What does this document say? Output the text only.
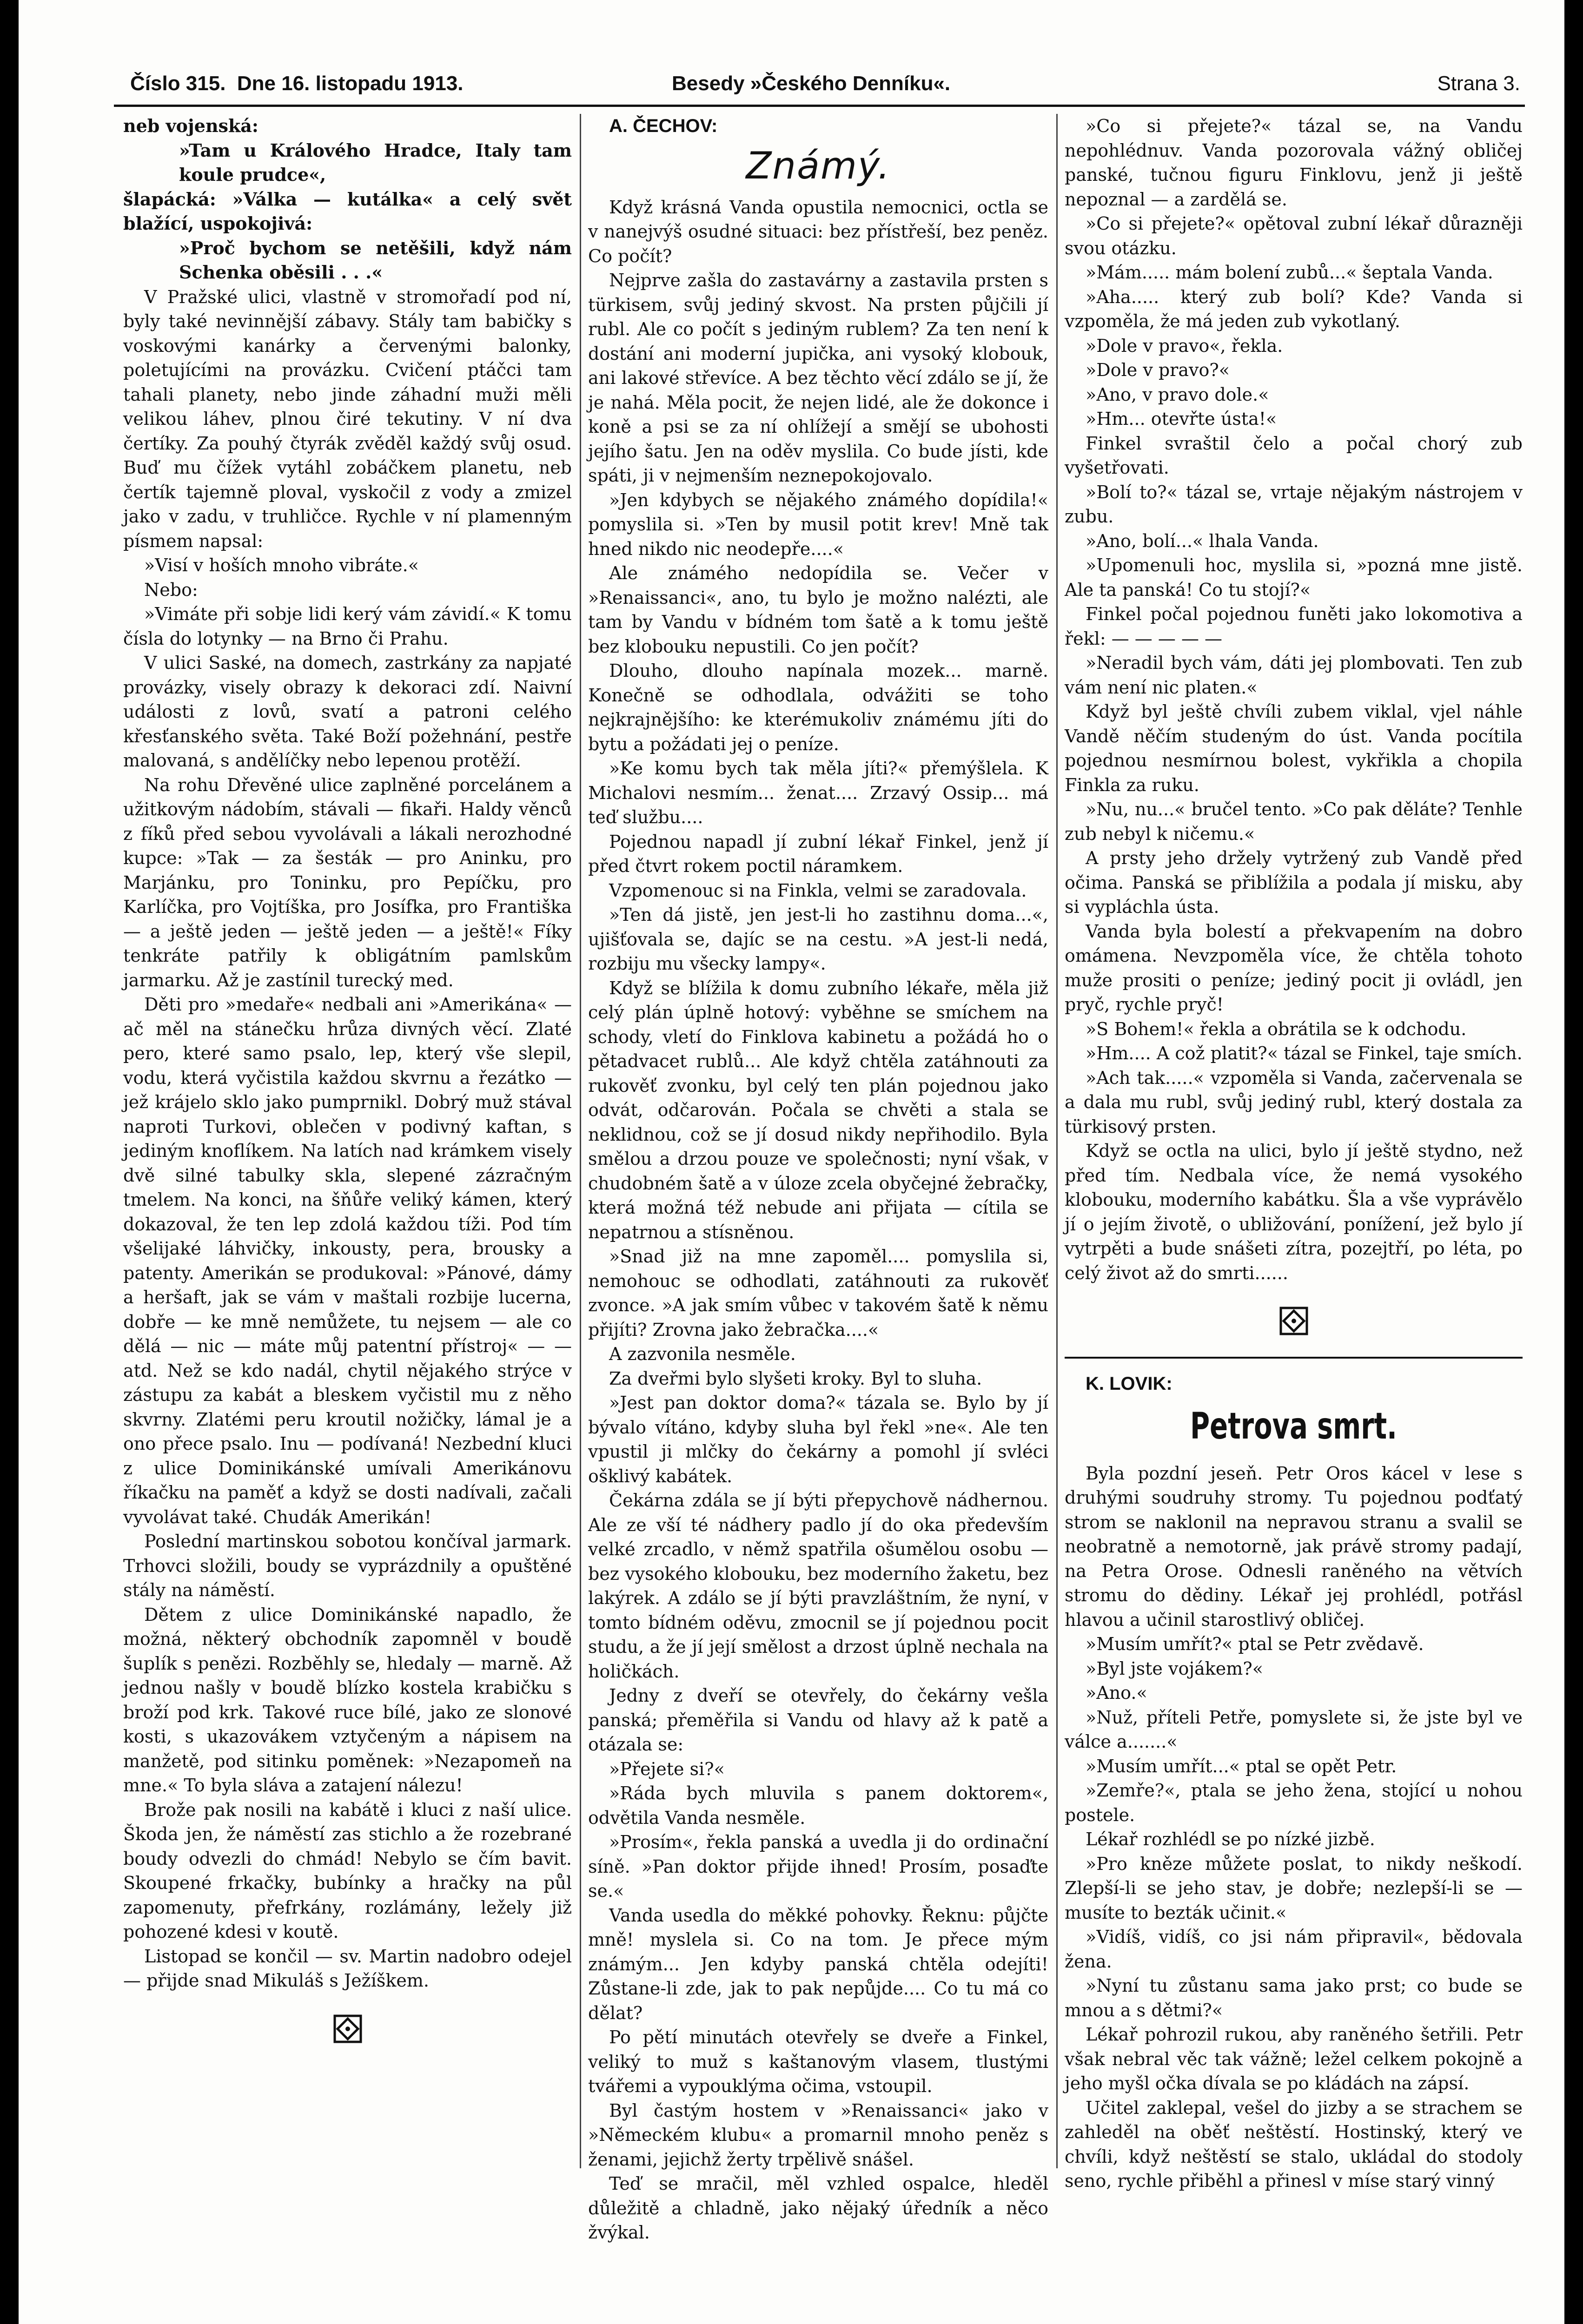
Číslo 315. Dne 16. listopadu 1913.	Besedy »Českého Denníku«.	Strana 3.

neb vojenská:

»Tam u Králového Hradce, Italy tam koule prudce«,

šlapácká: »Válka — kutálka« a celý svět blažící, uspokojivá:

»Proč bychom se netěšili, když nám Schenka oběsili . . .«

V Pražské ulici, vlastně v stromořadí pod ní, byly také nevinnější zábavy. Stály tam babičky s voskovými kanárky a červenými balonky, poletujícími na provázku. Cvičení ptáčci tam tahali planety, nebo jinde záhadní muži měli velikou láhev, plnou čiré tekutiny. V ní dva čertíky. Za pouhý čtyrák zvěděl každý svůj osud. Buď mu čížek vytáhl zobáčkem planetu, neb čertík tajemně ploval, vyskočil z vody a zmizel jako v zadu, v truhličce. Rychle v ní plamenným písmem napsal:

»Visí v hoších mnoho vibráte.«

Nebo:

»Vimáte při sobje lidi kerý vám závidí.« K tomu čísla do lotynky — na Brno či Prahu.

V ulici Saské, na domech, zastrkány za napjaté provázky, visely obrazy k dekoraci zdí. Naivní události z lovů, svatí a patroni celého křesťanského světa. Také Boží požehnání, pestře malovaná, s andělíčky nebo lepenou protěží.

Na rohu Dřevěné ulice zaplněné porcelánem a užitkovým nádobím, stávali — fikaři. Haldy věnců z fíků před sebou vyvolávali a lákali nerozhodné kupce: »Tak — za šesták — pro Aninku, pro Marjánku, pro Toninku, pro Pepíčku, pro Karlíčka, pro Vojtíška, pro Josífka, pro Františka — a ještě jeden — ještě jeden — a ještě!« Fíky tenkráte patřily k obligátním pamlskům jarmarku. Až je zastínil turecký med.

Děti pro »medaře« nedbali ani »Amerikána« — ač měl na stánečku hrůza divných věcí. Zlaté pero, které samo psalo, lep, který vše slepil, vodu, která vyčistila každou skvrnu a řezátko — jež krájelo sklo jako pumprnikl. Dobrý muž stával naproti Turkovi, oblečen v podivný kaftan, s jediným knoflíkem. Na latích nad krámkem visely dvě silné tabulky skla, slepené zázračným tmelem. Na konci, na šňůře veliký kámen, který dokazoval, že ten lep zdolá každou tíži. Pod tím všelijaké láhvičky, inkousty, pera, brousky a patenty. Amerikán se produkoval: »Pánové, dámy a heršaft, jak se vám v maštali rozbije lucerna, dobře — ke mně nemůžete, tu nejsem — ale co dělá — nic — máte můj patentní přístroj« — — atd. Než se kdo nadál, chytil nějakého strýce v zástupu za kabát a bleskem vyčistil mu z něho skvrny. Zlatémi peru kroutil nožičky, lámal je a ono přece psalo. Inu — podívaná! Nezbední kluci z ulice Dominikánské umívali Amerikánovu říkačku na paměť a když se dosti nadívali, začali vyvolávat také. Chudák Amerikán!

Poslední martinskou sobotou končíval jarmark. Trhovci složili, boudy se vyprázdnily a opuštěné stály na náměstí.

Dětem z ulice Dominikánské napadlo, že možná, některý obchodník zapomněl v boudě šuplík s penězi. Rozběhly se, hledaly — marně. Až jednou našly v boudě blízko kostela krabičku s broží pod krk. Takové ruce bílé, jako ze slonové kosti, s ukazovákem vztyčeným a nápisem na manžetě, pod sitinku poměnek: »Nezapomeň na mne.« To byla sláva a zatajení nálezu!

Brože pak nosili na kabátě i kluci z naší ulice. Škoda jen, že náměstí zas stichlo a že rozebrané boudy odvezli do chmád! Nebylo se čím bavit. Skoupené frkačky, bubínky a hračky na půl zapomenuty, přefrkány, rozlámány, ležely již pohozené kdesi v koutě.

Listopad se končil — sv. Martin nadobro odejel — přijde snad Mikuláš s Ježíškem.

A. ČECHOV:

Známý.

Když krásná Vanda opustila nemocnici, octla se v nanejvýš osudné situaci: bez přístřeší, bez peněz. Co počít?

Nejprve zašla do zastavárny a zastavila prsten s türkisem, svůj jediný skvost. Na prsten půjčili jí rubl. Ale co počít s jediným rublem? Za ten není k dostání ani moderní jupička, ani vysoký klobouk, ani lakové střevíce. A bez těchto věcí zdálo se jí, že je nahá. Měla pocit, že nejen lidé, ale že dokonce i koně a psi se za ní ohlížejí a smějí se ubohosti jejího šatu. Jen na oděv myslila. Co bude jísti, kde spáti, ji v nejmenším neznepokojovalo.

»Jen kdybych se nějakého známého dopídila!« pomyslila si. »Ten by musil potit krev! Mně tak hned nikdo nic neodepře....«

Ale známého nedopídila se. Večer v »Renaissanci«, ano, tu bylo je možno nalézti, ale tam by Vandu v bídném tom šatě a k tomu ještě bez klobouku nepustili. Co jen počít?

Dlouho, dlouho napínala mozek... marně. Konečně se odhodlala, odvážiti se toho nejkrajnějšího: ke kterémukoliv známému jíti do bytu a požádati jej o peníze.

»Ke komu bych tak měla jíti?« přemýšlela. K Michalovi nesmím... ženat.... Zrzavý Ossip... má teď službu....

Pojednou napadl jí zubní lékař Finkel, jenž jí před čtvrt rokem poctil náramkem.

Vzpomenouc si na Finkla, velmi se zaradovala.

»Ten dá jistě, jen jest-li ho zastihnu doma...«, ujišťovala se, dajíc se na cestu. »A jest-li nedá, rozbiju mu všecky lampy«.

Když se blížila k domu zubního lékaře, měla již celý plán úplně hotový: vyběhne se smíchem na schody, vletí do Finklova kabinetu a požádá ho o pětadvacet rublů... Ale když chtěla zatáhnouti za rukověť zvonku, byl celý ten plán pojednou jako odvát, odčarován. Počala se chvěti a stala se neklidnou, což se jí dosud nikdy nepřihodilo. Byla smělou a drzou pouze ve společnosti; nyní však, v chudobném šatě a v úloze zcela obyčejné žebračky, která možná též nebude ani přijata — cítila se nepatrnou a stísněnou.

»Snad již na mne zapoměl.... pomyslila si, nemohouc se odhodlati, zatáhnouti za rukověť zvonce. »A jak smím vůbec v takovém šatě k němu přijíti? Zrovna jako žebračka....«

A zazvonila nesměle.

Za dveřmi bylo slyšeti kroky. Byl to sluha.

»Jest pan doktor doma?« tázala se. Bylo by jí bývalo vítáno, kdyby sluha byl řekl »ne«. Ale ten vpustil ji mlčky do čekárny a pomohl jí svléci ošklivý kabátek.

Čekárna zdála se jí býti přepychově nádhernou. Ale ze vší té nádhery padlo jí do oka především velké zrcadlo, v němž spatřila ošumělou osobu — bez vysokého klobouku, bez moderního žaketu, bez lakýrek. A zdálo se jí býti pravzláštním, že nyní, v tomto bídném oděvu, zmocnil se jí pojednou pocit studu, a že jí její smělost a drzost úplně nechala na holičkách.

Jedny z dveří se otevřely, do čekárny vešla panská; přeměřila si Vandu od hlavy až k patě a otázala se:

»Přejete si?«

»Ráda bych mluvila s panem doktorem«, odvětila Vanda nesměle.

»Prosím«, řekla panská a uvedla ji do ordinační síně. »Pan doktor přijde ihned! Prosím, posaďte se.«

Vanda usedla do měkké pohovky. Řeknu: půjčte mně! myslela si. Co na tom. Je přece mým známým... Jen kdyby panská chtěla odejíti! Zůstane-li zde, jak to pak nepůjde.... Co tu má co dělat?

Po pětí minutách otevřely se dveře a Finkel, veliký to muž s kaštanovým vlasem, tlustými tvářemi a vypouklýma očima, vstoupil.

Byl častým hostem v »Renaissanci« jako v »Německém klubu« a promarnil mnoho peněz s ženami, jejichž žerty trpělivě snášel.

Teď se mračil, měl vzhled ospalce, hleděl důležitě a chladně, jako nějaký úředník a něco žvýkal.

»Co si přejete?« tázal se, na Vandu nepohlédnuv. Vanda pozorovala vážný obličej panské, tučnou figuru Finklovu, jenž ji ještě nepoznal — a zardělá se.

»Co si přejete?« opětoval zubní lékař důrazněji svou otázku.

»Mám..... mám bolení zubů...« šeptala Vanda.

»Aha..... který zub bolí? Kde? Vanda si vzpoměla, že má jeden zub vykotlaný.

»Dole v pravo«, řekla.

»Dole v pravo?«

»Ano, v pravo dole.«

»Hm... otevřte ústa!«

Finkel svraštil čelo a počal chorý zub vyšetřovati.

»Bolí to?« tázal se, vrtaje nějakým nástrojem v zubu.

»Ano, bolí...« lhala Vanda.

»Upomenuli hoc, myslila si, »pozná mne jistě. Ale ta panská! Co tu stojí?«

Finkel počal pojednou funěti jako lokomotiva a řekl: — — — — —

»Neradil bych vám, dáti jej plombovati. Ten zub vám není nic platen.«

Když byl ještě chvíli zubem viklal, vjel náhle Vandě něčím studeným do úst. Vanda pocítila pojednou nesmírnou bolest, vykřikla a chopila Finkla za ruku.

»Nu, nu...« bručel tento. »Co pak děláte? Tenhle zub nebyl k ničemu.«

A prsty jeho držely vytržený zub Vandě před očima. Panská se přiblížila a podala jí misku, aby si vypláchla ústa.

Vanda byla bolestí a překvapením na dobro omámena. Nevzpoměla více, že chtěla tohoto muže prositi o peníze; jediný pocit ji ovládl, jen pryč, rychle pryč!

»S Bohem!« řekla a obrátila se k odchodu.

»Hm.... A což platit?« tázal se Finkel, taje smích.

»Ach tak.....« vzpoměla si Vanda, začervenala se a dala mu rubl, svůj jediný rubl, který dostala za türkisový prsten.

Když se octla na ulici, bylo jí ještě stydno, než před tím. Nedbala více, že nemá vysokého klobouku, moderního kabátku. Šla a vše vyprávělo jí o jejím životě, o ubližování, ponížení, jež bylo jí vytrpěti a bude snášeti zítra, pozejtří, po léta, po celý život až do smrti......

K. LOVIK:

Petrova smrt.

Byla pozdní jeseň. Petr Oros kácel v lese s druhými soudruhy stromy. Tu pojednou podťatý strom se naklonil na nepravou stranu a svalil se neobratně a nemotorně, jak právě stromy padají, na Petra Orose. Odnesli raněného na větvích stromu do dědiny. Lékař jej prohlédl, potřásl hlavou a učinil starostlivý obličej.

»Musím umřít?« ptal se Petr zvědavě.

»Byl jste vojákem?«

»Ano.«

»Nuž, příteli Petře, pomyslete si, že jste byl ve válce a.......«

»Musím umřít...« ptal se opět Petr.

»Zemře?«, ptala se jeho žena, stojící u nohou postele.

Lékař rozhlédl se po nízké jizbě.

»Pro kněze můžete poslat, to nikdy neškodí. Zlepší-li se jeho stav, je dobře; nezlepší-li se — musíte to bezták učinit.«

»Vidíš, vidíš, co jsi nám připravil«, bědovala žena.

»Nyní tu zůstanu sama jako prst; co bude se mnou a s dětmi?«

Lékař pohrozil rukou, aby raněného šetřili. Petr však nebral věc tak vážně; ležel celkem pokojně a jeho myšl očka dívala se po kládách na zápsí.

Učitel zaklepal, vešel do jizby a se strachem se zahleděl na oběť neštěstí. Hostinský, který ve chvíli, když neštěstí se stalo, ukládal do stodoly seno, rychle přiběhl a přinesl v míse starý vinný
